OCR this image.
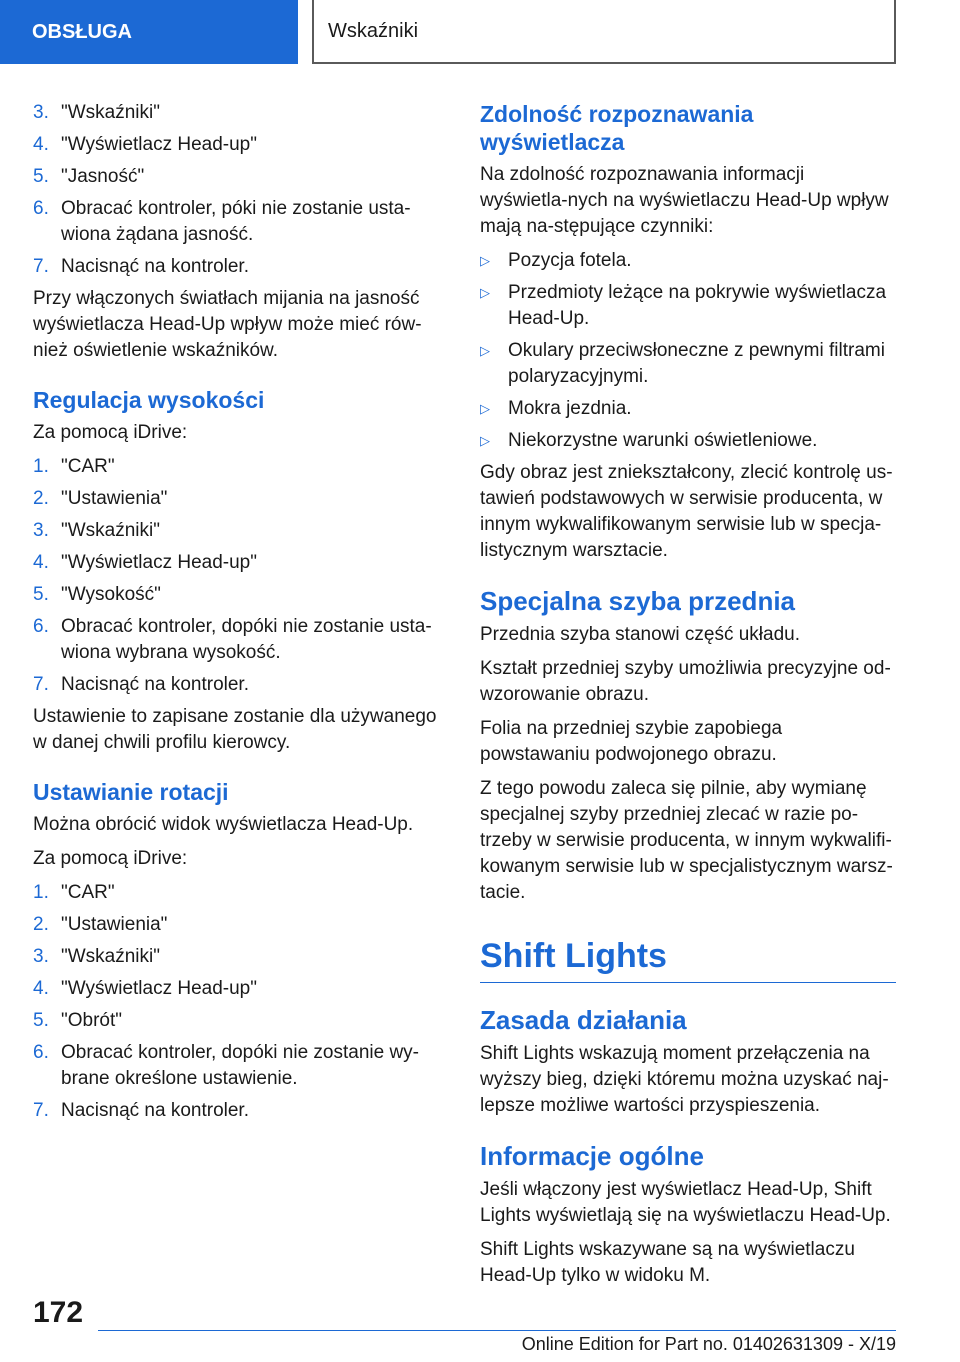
OBSŁUGA	Wskaźniki
3. "Wskaźniki"
4. "Wyświetlacz Head-up"
5. "Jasność"
6. Obracać kontroler, póki nie zostanie usta-wiona żądana jasność.
7. Nacisnąć na kontroler.

Przy włączonych światłach mijania na jasność wyświetlacza Head-Up wpływ może mieć rów-nież oświetlenie wskaźników.

Regulacja wysokości

Za pomocą iDrive:

1. "CAR"
2. "Ustawienia"
3. "Wskaźniki"
4. "Wyświetlacz Head-up"
5. "Wysokość"
6. Obracać kontroler, dopóki nie zostanie usta-wiona wybrana wysokość.
7. Nacisnąć na kontroler.

Ustawienie to zapisane zostanie dla używanego w danej chwili profilu kierowcy.

Ustawianie rotacji

Można obrócić widok wyświetlacza Head-Up.

Za pomocą iDrive:

1. "CAR"
2. "Ustawienia"
3. "Wskaźniki"
4. "Wyświetlacz Head-up"
5. "Obrót"
6. Obracać kontroler, dopóki nie zostanie wy-brane określone ustawienie.
7. Nacisnąć na kontroler.
Zdolność rozpoznawania wyświetlacza

Na zdolność rozpoznawania informacji wyświetla-nych na wyświetlaczu Head-Up wpływ mają na-stępujące czynniki:

▷ Pozycja fotela.
▷ Przedmioty leżące na pokrywie wyświetlacza Head-Up.
▷ Okulary przeciwsłoneczne z pewnymi filtrami polaryzacyjnymi.
▷ Mokra jezdnia.
▷ Niekorzystne warunki oświetleniowe.

Gdy obraz jest zniekształcony, zlecić kontrolę us-tawień podstawowych w serwisie producenta, w innym wykwalifikowanym serwisie lub w specja-listycznym warsztacie.

Specjalna szyba przednia

Przednia szyba stanowi część układu.

Kształt przedniej szyby umożliwia precyzyjne od-wzorowanie obrazu.

Folia na przedniej szybie zapobiega powstawaniu podwojonego obrazu.

Z tego powodu zaleca się pilnie, aby wymianę specjalnej szyby przedniej zlecać w razie po-trzeby w serwisie producenta, w innym wykwalifi-kowanym serwisie lub w specjalistycznym warsz-tacie.

Shift Lights
Zasada działania

Shift Lights wskazują moment przełączenia na wyższy bieg, dzięki któremu można uzyskać naj-lepsze możliwe wartości przyspieszenia.

Informacje ogólne

Jeśli włączony jest wyświetlacz Head-Up, Shift Lights wyświetlają się na wyświetlaczu Head-Up.

Shift Lights wskazywane są na wyświetlaczu Head-Up tylko w widoku M.

172
Online Edition for Part no. 01402631309 - X/19
